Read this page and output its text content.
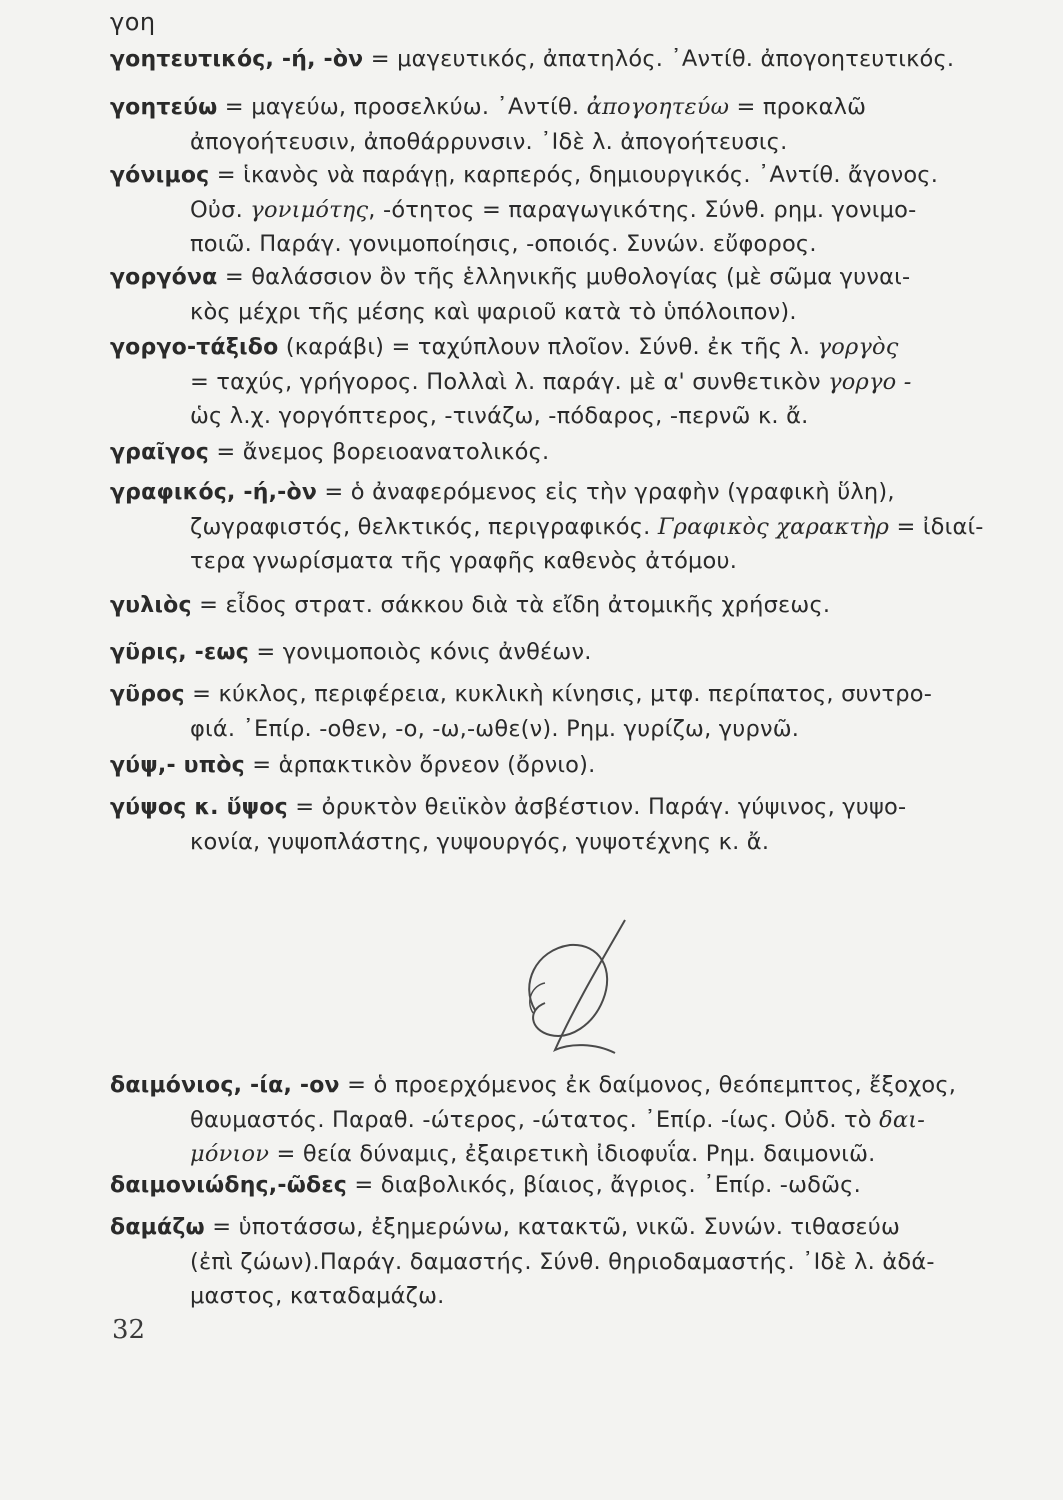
γοη
γοητευτικός, -ή, -ὸν = μαγευτικός, ἀπατηλός. ᾿Αντίθ. ἀπογοητευτικός.
γοητεύω = μαγεύω, προσελκύω. ᾿Αντίθ. ἀπογοητεύω = προκαλῶ
ἀπογοήτευσιν, ἀποθάρρυνσιν. ᾿Ιδὲ λ. ἀπογοήτευσις.
γόνιμος = ἱκανὸς νὰ παράγῃ, καρπερός, δημιουργικός. ᾿Αντίθ. ἄγονος.
Οὐσ. γονιμότης, -ότητος = παραγωγικότης. Σύνθ. ρημ. γονιμο-
ποιῶ. Παράγ. γονιμοποίησις, -οποιός. Συνών. εὔφορος.
γοργόνα = θαλάσσιον ὂν τῆς ἑλληνικῆς μυθολογίας (μὲ σῶμα γυναι-
κὸς μέχρι τῆς μέσης καὶ ψαριοῦ κατὰ τὸ ὑπόλοιπον).
γοργο-τάξιδο (καράβι) = ταχύπλουν πλοῖον. Σύνθ. ἐκ τῆς λ. γοργὸς
= ταχύς, γρήγορος. Πολλαὶ λ. παράγ. μὲ α' συνθετικὸν γοργο -
ὡς λ.χ. γοργόπτερος, -τινάζω, -πόδαρος, -περνῶ κ. ἄ.
γραῖγος = ἄνεμος βορειοανατολικός.
γραφικός, -ή,-ὸν = ὁ ἀναφερόμενος εἰς τὴν γραφὴν (γραφικὴ ὕλη),
ζωγραφιστός, θελκτικός, περιγραφικός. Γραφικὸς χαρακτὴρ = ἰδιαί-
τερα γνωρίσματα τῆς γραφῆς καθενὸς ἀτόμου.
γυλιὸς = εἶδος στρατ. σάκκου διὰ τὰ εἴδη ἀτομικῆς χρήσεως.
γῦρις, -εως = γονιμοποιὸς κόνις ἀνθέων.
γῦρος = κύκλος, περιφέρεια, κυκλικὴ κίνησις, μτφ. περίπατος, συντρο-
φιά. ᾿Επίρ. -οθεν, -ο, -ω,-ωθε(ν). Ρημ. γυρίζω, γυρνῶ.
γύψ,- υπὸς = ἁρπακτικὸν ὄρνεον (ὄρνιο).
γύψος κ. ὕψος = ὀρυκτὸν θειϊκὸν ἀσβέστιον. Παράγ. γύψινος, γυψο-
κονία, γυψοπλάστης, γυψουργός, γυψοτέχνης κ. ἄ.
δαιμόνιος, -ία, -ον = ὁ προερχόμενος ἐκ δαίμονος, θεόπεμπτος, ἔξοχος,
θαυμαστός. Παραθ. -ώτερος, -ώτατος. ᾿Επίρ. -ίως. Οὐδ. τὸ δαι-
μόνιον = θεία δύναμις, ἐξαιρετικὴ ἰδιοφυΐα. Ρημ. δαιμονιῶ.
δαιμονιώδης,-ῶδες = διαβολικός, βίαιος, ἄγριος. ᾿Επίρ. -ωδῶς.
δαμάζω = ὑποτάσσω, ἐξημερώνω, κατακτῶ, νικῶ. Συνών. τιθασεύω
(ἐπὶ ζώων).Παράγ. δαμαστής. Σύνθ. θηριοδαμαστής. ᾿Ιδὲ λ. ἀδά-
μαστος, καταδαμάζω.
32
